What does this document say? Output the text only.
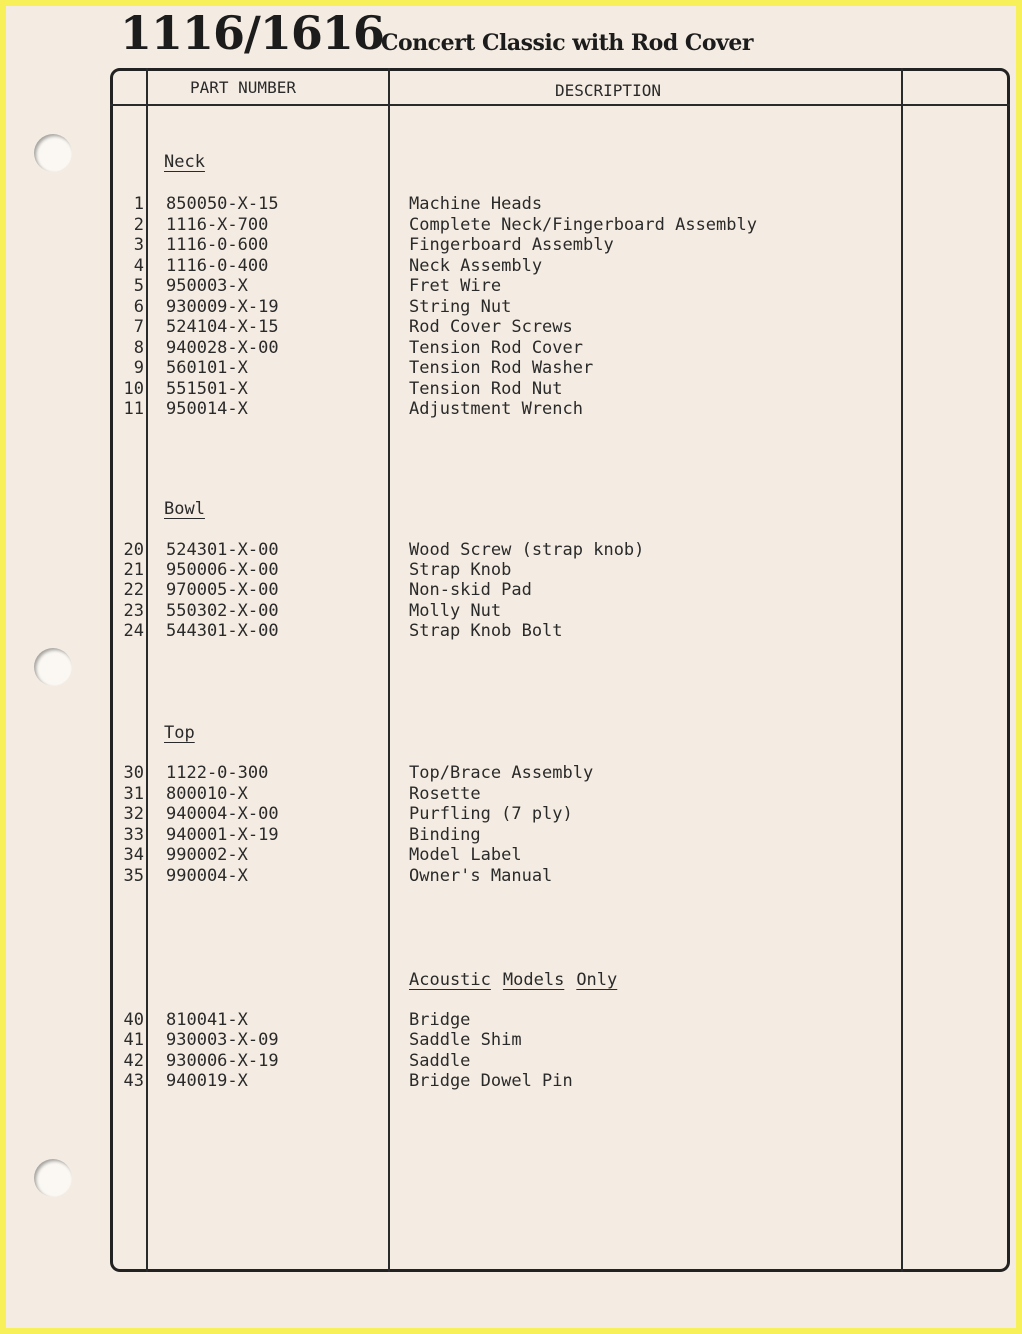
1116/1616
Concert Classic with Rod Cover
PART NUMBER	DESCRIPTION
Neck
1 850050-X-15	Machine Heads
2 1116-X-700	Complete Neck/Fingerboard Assembly
3 1116-0-600	Fingerboard Assembly
4 1116-0-400	Neck Assembly
5 950003-X	Fret Wire
6 930009-X-19	String Nut
7 524104-X-15	Rod Cover Screws
8 940028-X-00	Tension Rod Cover
9 560101-X	Tension Rod Washer
10 551501-X	Tension Rod Nut
11 950014-X	Adjustment Wrench
Bowl
20 524301-X-00	Wood Screw (strap knob)
21 950006-X-00	Strap Knob
22 970005-X-00	Non-skid Pad
23 550302-X-00	Molly Nut
24 544301-X-00	Strap Knob Bolt
Top
30 1122-0-300	Top/Brace Assembly
31 800010-X	Rosette
32 940004-X-00	Purfling (7 ply)
33 940001-X-19	Binding
34 990002-X	Model Label
35 990004-X	Owner's Manual
Acoustic Models Only
40 810041-X	Bridge
41 930003-X-09	Saddle Shim
42 930006-X-19	Saddle
43 940019-X	Bridge Dowel Pin
